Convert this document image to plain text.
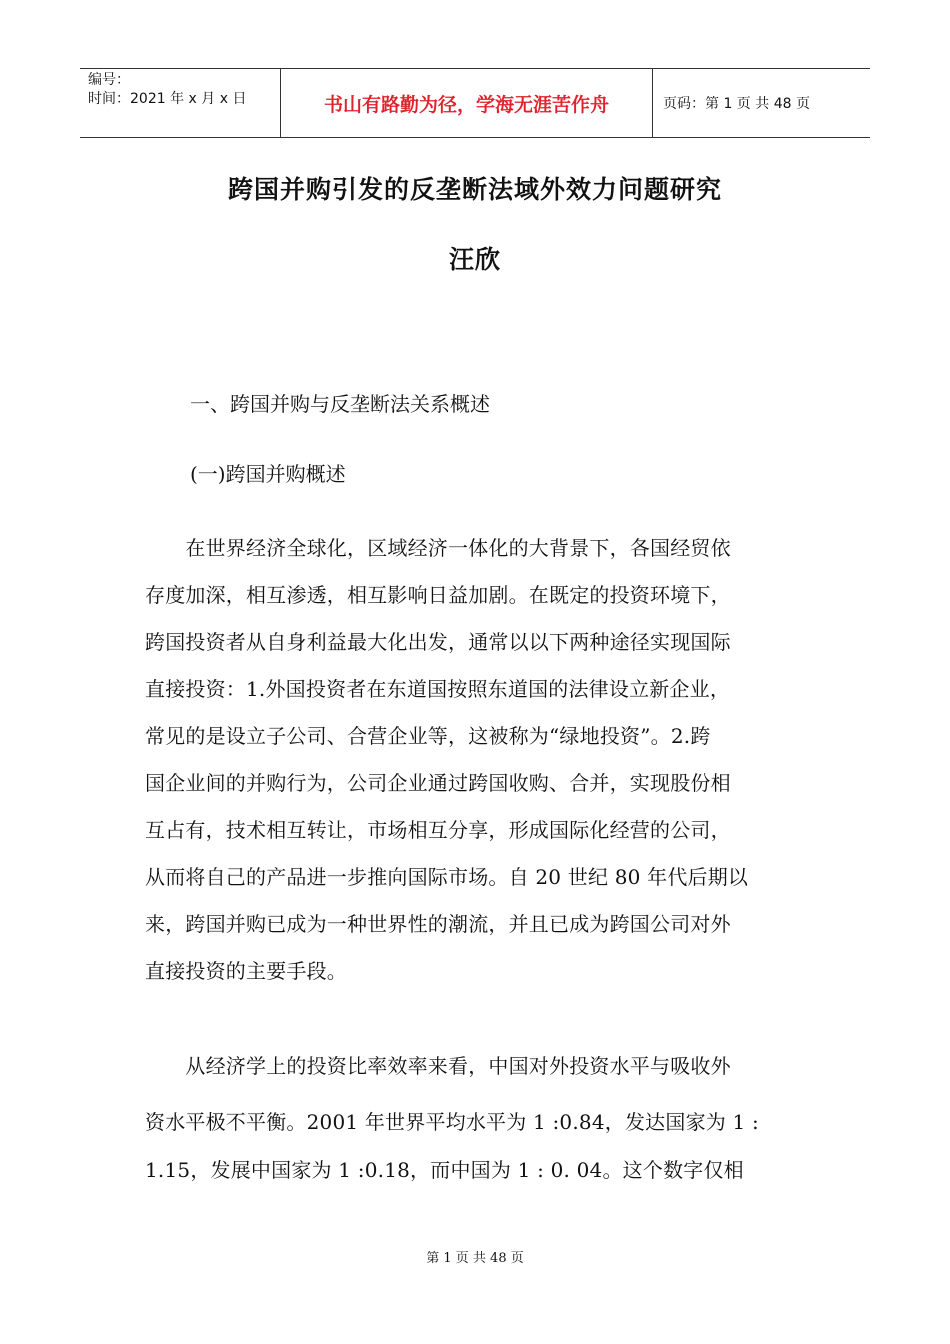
编号：
时间：2021 年 x 月 x 日	书山有路勤为径，学海无涯苦作舟	页码：第 1 页 共 48 页
跨国并购引发的反垄断法域外效力问题研究
汪欣
一、跨国并购与反垄断法关系概述
(一)跨国并购概述
　　在世界经济全球化，区域经济一体化的大背景下，各国经贸依
存度加深，相互渗透，相互影响日益加剧。在既定的投资环境下，
跨国投资者从自身利益最大化出发，通常以以下两种途径实现国际
直接投资：1.外国投资者在东道国按照东道国的法律设立新企业，
常见的是设立子公司、合营企业等，这被称为“绿地投资”。2.跨
国企业间的并购行为，公司企业通过跨国收购、合并，实现股份相
互占有，技术相互转让，市场相互分享，形成国际化经营的公司，
从而将自己的产品进一步推向国际市场。自 20 世纪 80 年代后期以
来，跨国并购已成为一种世界性的潮流，并且已成为跨国公司对外
直接投资的主要手段。
　　从经济学上的投资比率效率来看，中国对外投资水平与吸收外
资水平极不平衡。2001 年世界平均水平为 1 :0.84，发达国家为 1 :
1.15，发展中国家为 1 :0.18，而中国为 1 : 0. 04。这个数字仅相
第 1 页 共 48 页
